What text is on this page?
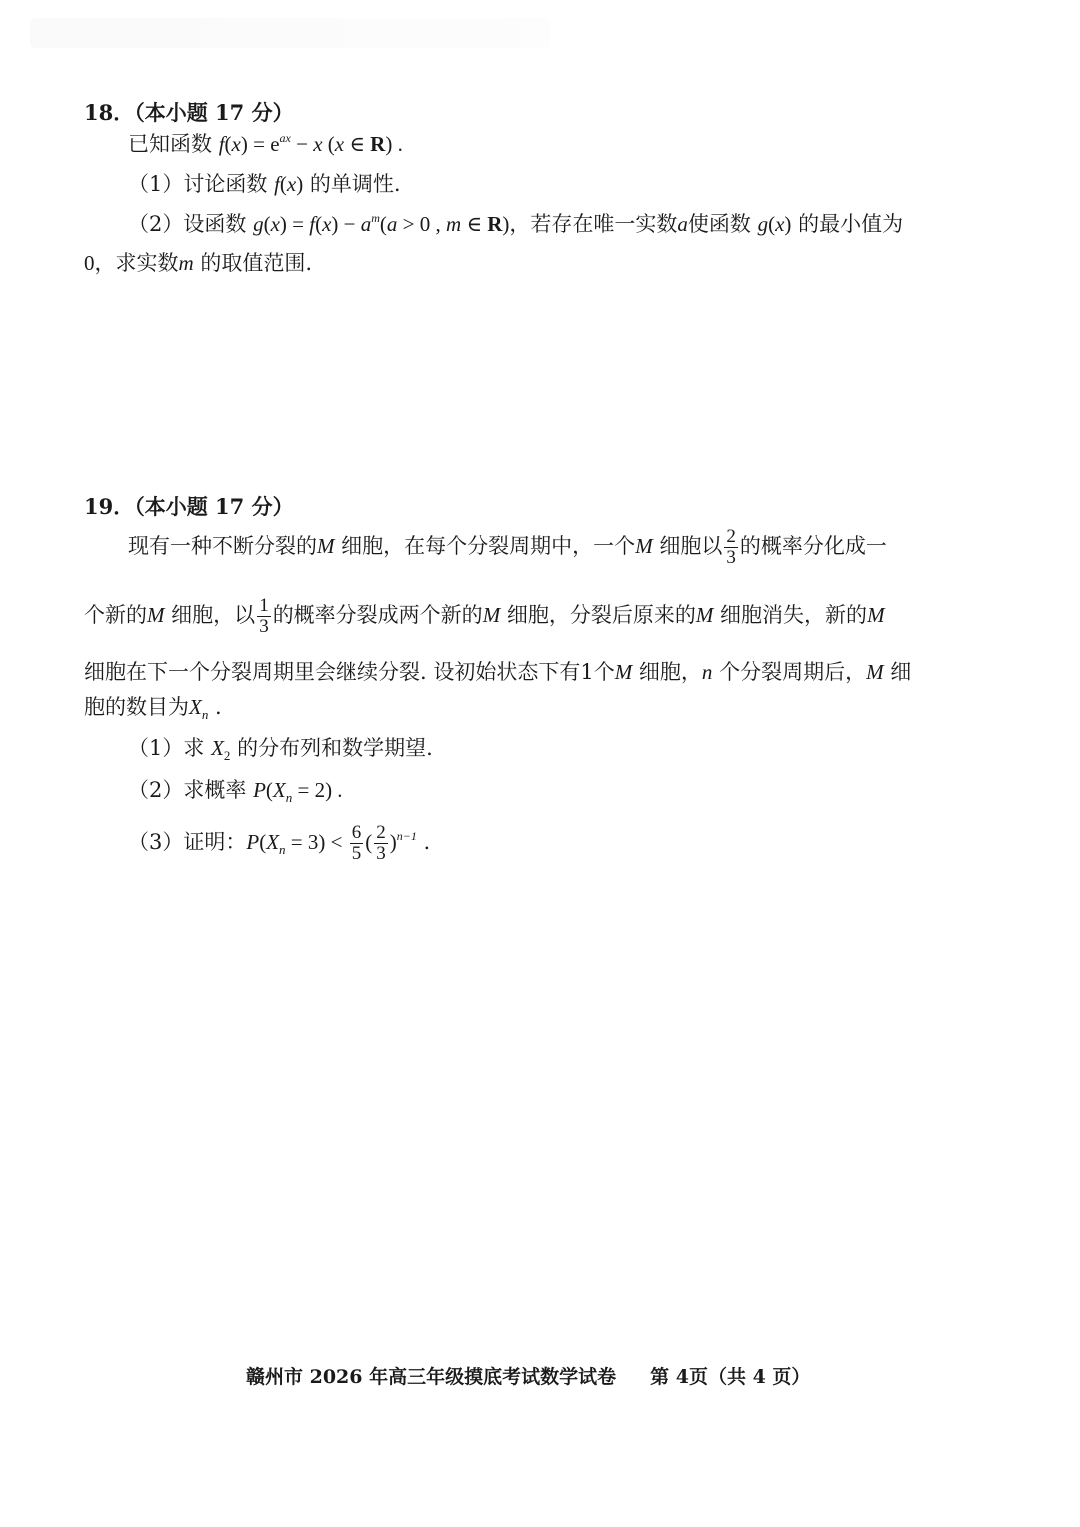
18．（本小题 17 分）
已知函数 $f(x) = e^{ax} - x$ (x ∈ R) .
（1）讨论函数 f(x) 的单调性.
（2）设函数 $g(x) = f(x) - a^m(a > 0$ , m ∈ R)，若存在唯一实数a使函数 g(x) 的最小值为
0，求实数m 的取值范围.
19．（本小题 17 分）
现有一种不断分裂的M 细胞，在每个分裂周期中，一个M 细胞以 $\frac{2}{3}$ 的概率分化成一
个新的M 细胞，以 $\frac{1}{3}$ 的概率分裂成两个新的M 细胞，分裂后原来的M 细胞消失，新的M
细胞在下一个分裂周期里会继续分裂. 设初始状态下有1个M 细胞，n 个分裂周期后，M 细
胞的数目为$X_n$ .
（1）求 $X_2$ 的分布列和数学期望.
（2）求概率 $P(X_n = 2)$ .
（3）证明：$P(X_n = 3) < \frac{6}{5}$ ( $\frac{2}{3} )^{n-1}$ .
赣州市 2026 年高三年级摸底考试数学试卷 第 4页（共 4 页）
